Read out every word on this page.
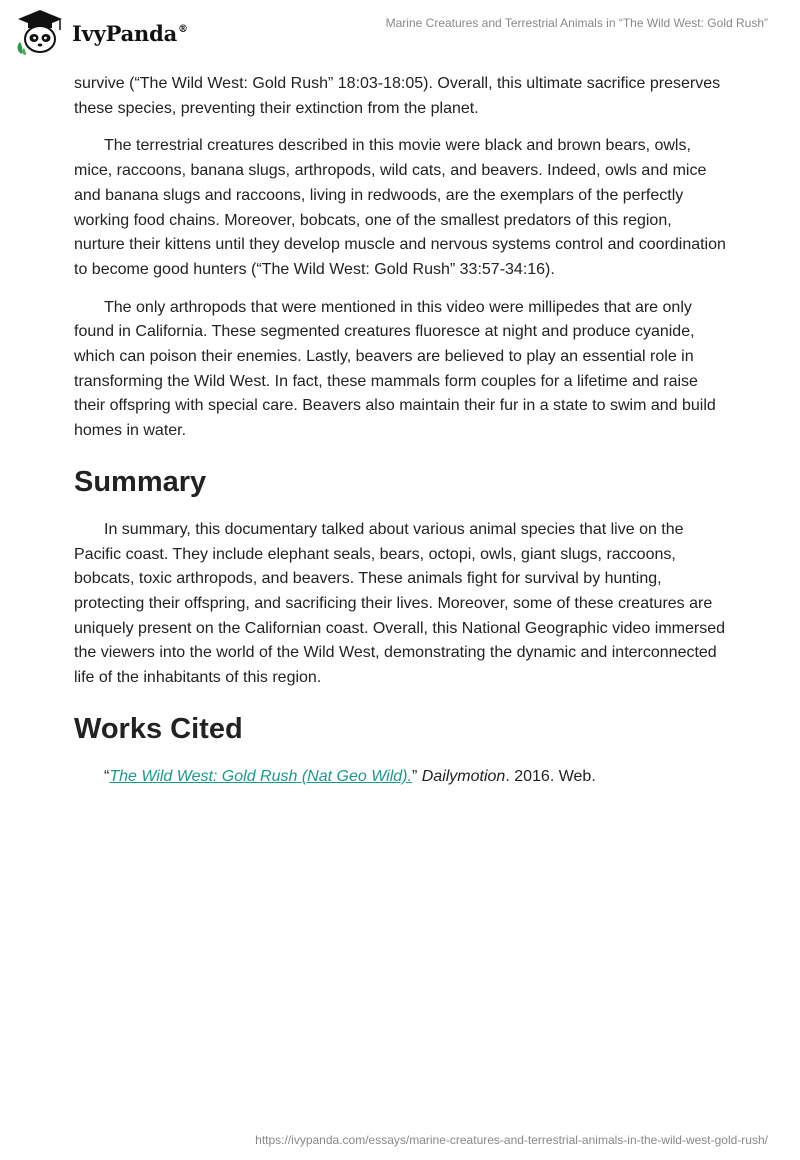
IvyPanda®	Marine Creatures and Terrestrial Animals in “The Wild West: Gold Rush”

survive (“The Wild West: Gold Rush” 18:03-18:05). Overall, this ultimate sacrifice preserves these species, preventing their extinction from the planet.

The terrestrial creatures described in this movie were black and brown bears, owls, mice, raccoons, banana slugs, arthropods, wild cats, and beavers. Indeed, owls and mice and banana slugs and raccoons, living in redwoods, are the exemplars of the perfectly working food chains. Moreover, bobcats, one of the smallest predators of this region, nurture their kittens until they develop muscle and nervous systems control and coordination to become good hunters (“The Wild West: Gold Rush” 33:57-34:16).

The only arthropods that were mentioned in this video were millipedes that are only found in California. These segmented creatures fluoresce at night and produce cyanide, which can poison their enemies. Lastly, beavers are believed to play an essential role in transforming the Wild West. In fact, these mammals form couples for a lifetime and raise their offspring with special care. Beavers also maintain their fur in a state to swim and build homes in water.

Summary

In summary, this documentary talked about various animal species that live on the Pacific coast. They include elephant seals, bears, octopi, owls, giant slugs, raccoons, bobcats, toxic arthropods, and beavers. These animals fight for survival by hunting, protecting their offspring, and sacrificing their lives. Moreover, some of these creatures are uniquely present on the Californian coast. Overall, this National Geographic video immersed the viewers into the world of the Wild West, demonstrating the dynamic and interconnected life of the inhabitants of this region.

Works Cited

“The Wild West: Gold Rush (Nat Geo Wild).” Dailymotion. 2016. Web.

https://ivypanda.com/essays/marine-creatures-and-terrestrial-animals-in-the-wild-west-gold-rush/
